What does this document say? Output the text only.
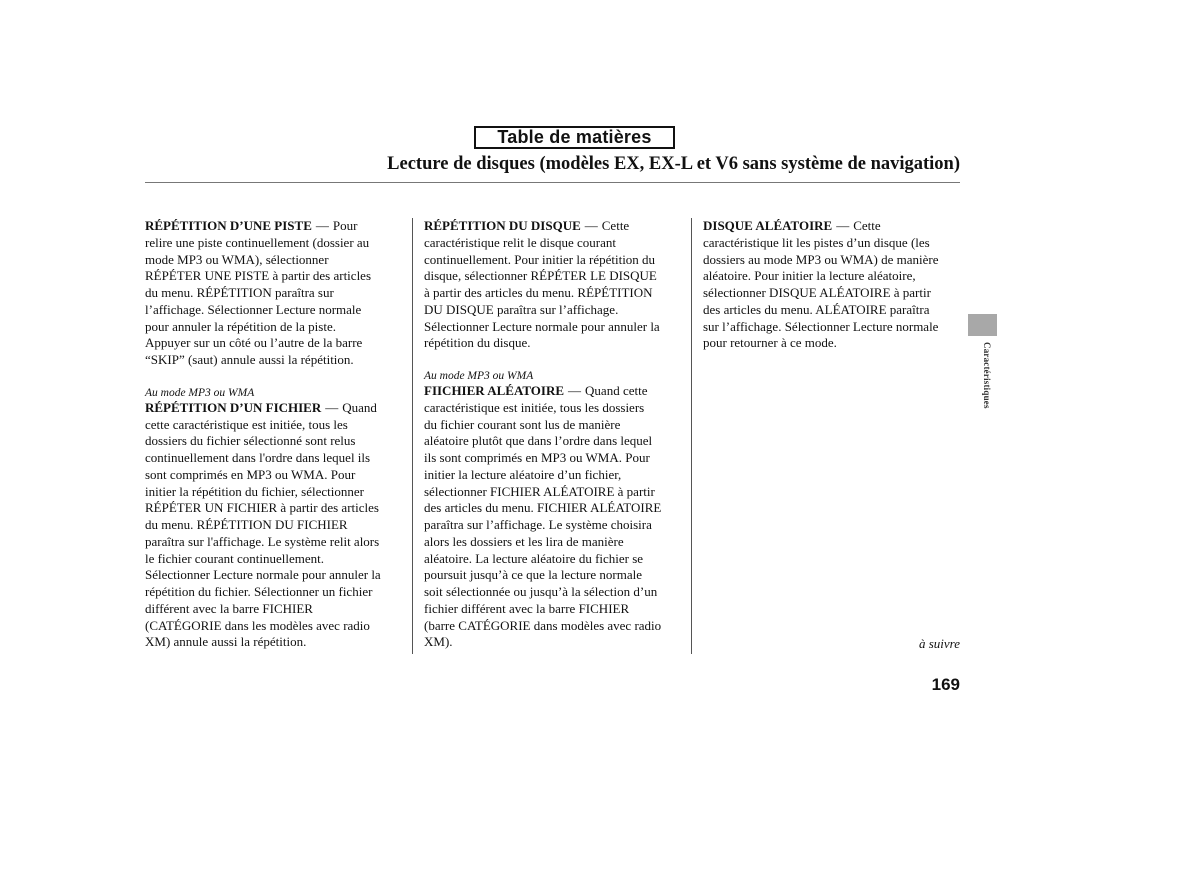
Table de matières
Lecture de disques (modèles EX, EX-L et V6 sans système de navigation)
RÉPÉTITION D’UNE PISTE — Pour
relire une piste continuellement (dossier au
mode MP3 ou WMA), sélectionner
RÉPÉTER UNE PISTE à partir des articles
du menu. RÉPÉTITION paraîtra sur
l’affichage. Sélectionner Lecture normale
pour annuler la répétition de la piste.
Appuyer sur un côté ou l’autre de la barre
“SKIP” (saut) annule aussi la répétition.
Au mode MP3 ou WMA
RÉPÉTITION D’UN FICHIER — Quand
cette caractéristique est initiée, tous les
dossiers du fichier sélectionné sont relus
continuellement dans l'ordre dans lequel ils
sont comprimés en MP3 ou WMA. Pour
initier la répétition du fichier, sélectionner
RÉPÉTER UN FICHIER à partir des articles
du menu. RÉPÉTITION DU FICHIER
paraîtra sur l'affichage. Le système relit alors
le fichier courant continuellement.
Sélectionner Lecture normale pour annuler la
répétition du fichier. Sélectionner un fichier
différent avec la barre FICHIER
(CATÉGORIE dans les modèles avec radio
XM) annule aussi la répétition.
RÉPÉTITION DU DISQUE — Cette
caractéristique relit le disque courant
continuellement. Pour initier la répétition du
disque, sélectionner RÉPÉTER LE DISQUE
à partir des articles du menu. RÉPÉTITION
DU DISQUE paraîtra sur l’affichage.
Sélectionner Lecture normale pour annuler la
répétition du disque.
Au mode MP3 ou WMA
FIICHIER ALÉATOIRE — Quand cette
caractéristique est initiée, tous les dossiers
du fichier courant sont lus de manière
aléatoire plutôt que dans l’ordre dans lequel
ils sont comprimés en MP3 ou WMA. Pour
initier la lecture aléatoire d’un fichier,
sélectionner FICHIER ALÉATOIRE à partir
des articles du menu. FICHIER ALÉATOIRE
paraîtra sur l’affichage. Le système choisira
alors les dossiers et les lira de manière
aléatoire. La lecture aléatoire du fichier se
poursuit jusqu’à ce que la lecture normale
soit sélectionnée ou jusqu’à la sélection d’un
fichier différent avec la barre FICHIER
(barre CATÉGORIE dans modèles avec radio
XM).
DISQUE ALÉATOIRE — Cette
caractéristique lit les pistes d’un disque (les
dossiers au mode MP3 ou WMA) de manière
aléatoire. Pour initier la lecture aléatoire,
sélectionner DISQUE ALÉATOIRE à partir
des articles du menu. ALÉATOIRE paraîtra
sur l’affichage. Sélectionner Lecture normale
pour retourner à ce mode.	Caractéristiques
à suivre
169
